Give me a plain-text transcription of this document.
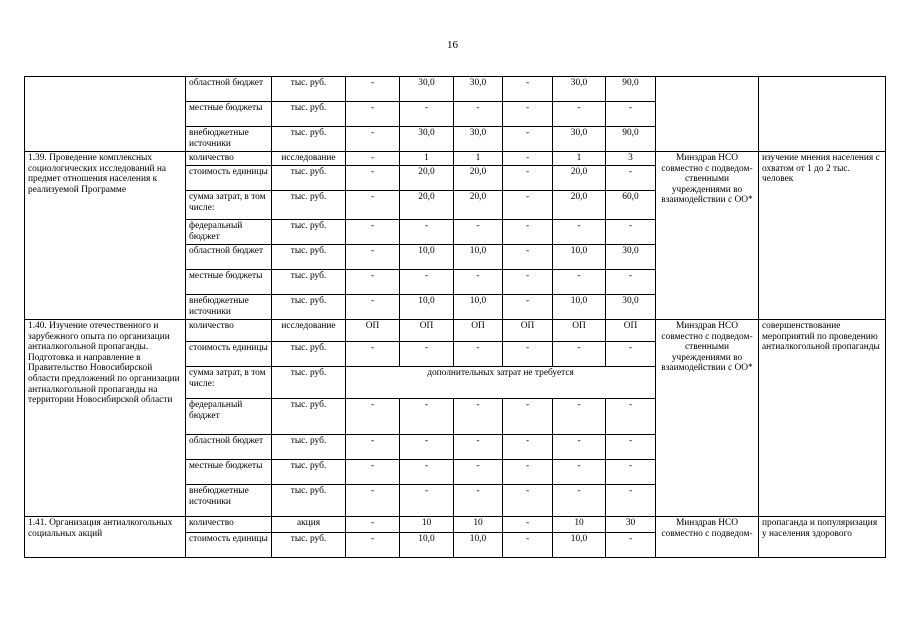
16
	областной бюджет	тыс. руб.	-	30,0	30,0	-	30,0	90,0		
	местные бюджеты	тыс. руб.	-	-	-	-	-	-		
	внебюджетные источники	тыс. руб.	-	30,0	30,0	-	30,0	90,0		
1.39. Проведение комплексных социологических исследований на предмет отношения населения к реализуемой Программе	количество	исследование	-	1	1	-	1	3	Минздрав НСО совместно с подведом-ственными учреждениями во взаимодействии с ОО*	изучение мнения населения с охватом от 1 до 2 тыс. человек
	стоимость единицы	тыс. руб.	-	20,0	20,0	-	20,0	-		
	сумма затрат, в том числе:	тыс. руб.	-	20,0	20,0	-	20,0	60,0		
	федеральный бюджет	тыс. руб.	-	-	-	-	-	-		
	областной бюджет	тыс. руб.	-	10,0	10,0	-	10,0	30,0		
	местные бюджеты	тыс. руб.	-	-	-	-	-	-		
	внебюджетные источники	тыс. руб.	-	10,0	10,0	-	10,0	30,0		
1.40. Изучение отечественного и зарубежного опыта по организации антиалкогольной пропаганды. Подготовка и направление в Правительство Новосибирской области предложений по организации антиалкогольной пропаганды на территории Новосибирской области	количество	исследование	ОП	ОП	ОП	ОП	ОП	ОП	Минздрав НСО совместно с подведом-ственными учреждениями во взаимодействии с ОО*	совершенствование мероприятий по проведению антиалкогольной пропаганды
	стоимость единицы	тыс. руб.	-	-	-	-	-	-		
	сумма затрат, в том числе:	тыс. руб.	дополнительных затрат не требуется							
	федеральный бюджет	тыс. руб.	-	-	-	-	-	-		
	областной бюджет	тыс. руб.	-	-	-	-	-	-		
	местные бюджеты	тыс. руб.	-	-	-	-	-	-		
	внебюджетные источники	тыс. руб.	-	-	-	-	-	-		
1.41. Организация антиалкогольных социальных акций	количество	акция	-	10	10	-	10	30	Минздрав НСО совместно с подведом-	пропаганда и популяризация у населения здорового
	стоимость единицы	тыс. руб.	-	10,0	10,0	-	10,0	-		
